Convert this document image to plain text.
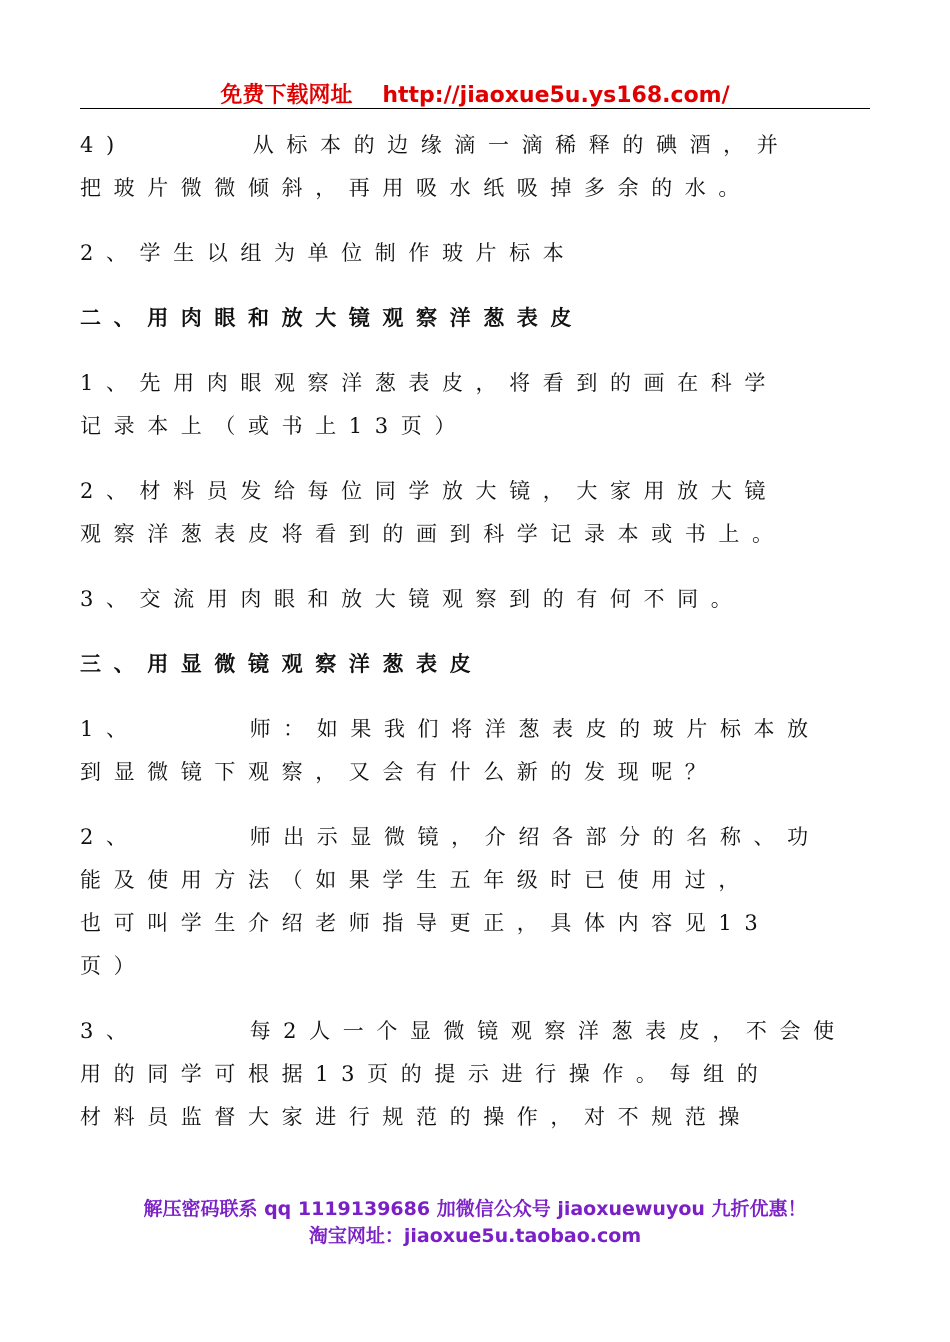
免费下载网址 http://jiaoxue5u.ys168.com/
4)	从标本的边缘滴一滴稀释的碘酒，并
把玻片微微倾斜，再用吸水纸吸掉多余的水。
2、学生以组为单位制作玻片标本
二、用肉眼和放大镜观察洋葱表皮
1、先用肉眼观察洋葱表皮，将看到的画在科学
记录本上（或书上13页）
2、材料员发给每位同学放大镜，大家用放大镜
观察洋葱表皮将看到的画到科学记录本或书上。
3、交流用肉眼和放大镜观察到的有何不同。
三、用显微镜观察洋葱表皮
1、	师：如果我们将洋葱表皮的玻片标本放
到显微镜下观察，又会有什么新的发现呢？
2、	师出示显微镜，介绍各部分的名称、功
能及使用方法（如果学生五年级时已使用过，
也可叫学生介绍老师指导更正，具体内容见13
页）
3、	每2人一个显微镜观察洋葱表皮，不会使
用的同学可根据13页的提示进行操作。每组的
材料员监督大家进行规范的操作，对不规范操
解压密码联系 qq 1119139686 加微信公众号 jiaoxuewuyou 九折优惠！
淘宝网址：jiaoxue5u.taobao.com
